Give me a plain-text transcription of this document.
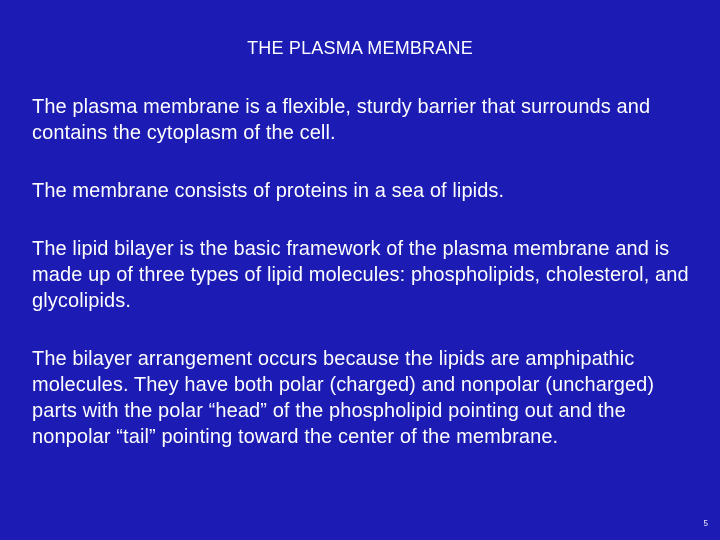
THE PLASMA MEMBRANE

The plasma membrane is a flexible, sturdy barrier that surrounds and contains the cytoplasm of the cell.

The membrane consists of proteins in a sea of lipids.

The lipid bilayer is the basic framework of the plasma membrane and is made up of three types of lipid molecules: phospholipids, cholesterol, and glycolipids.

The bilayer arrangement occurs because the lipids are amphipathic molecules. They have both polar (charged) and nonpolar (uncharged) parts with the polar “head” of the phospholipid pointing out and the nonpolar “tail” pointing toward the center of the membrane.

5
